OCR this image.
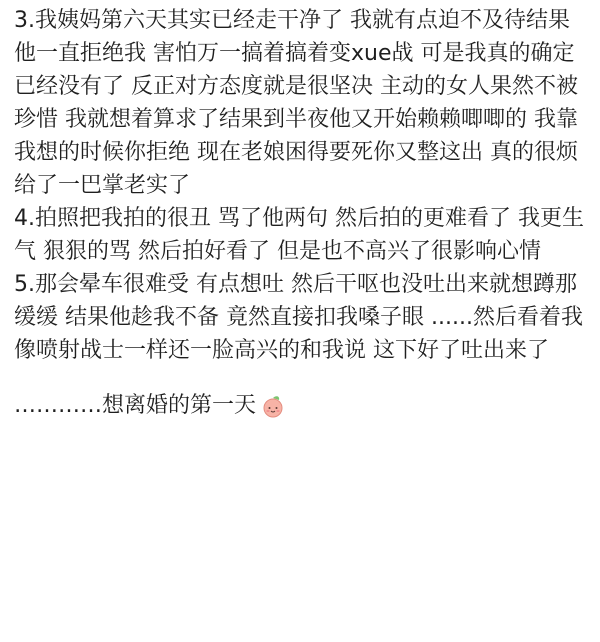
3.我姨妈第六天其实已经走干净了 我就有点迫不及待结果他一直拒绝我 害怕万一搞着搞着变xue战 可是我真的确定已经没有了 反正对方态度就是很坚决 主动的女人果然不被珍惜 我就想着算求了结果到半夜他又开始赖赖唧唧的 我靠我想的时候你拒绝 现在老娘困得要死你又整这出 真的很烦给了一巴掌老实了

4.拍照把我拍的很丑 骂了他两句 然后拍的更难看了 我更生气 狠狠的骂 然后拍好看了 但是也不高兴了很影响心情

5.那会晕车很难受 有点想吐 然后干呕也没吐出来就想蹲那缓缓 结果他趁我不备 竟然直接扣我嗓子眼 ......然后看着我像喷射战士一样还一脸高兴的和我说 这下好了吐出来了

…………想离婚的第一天
